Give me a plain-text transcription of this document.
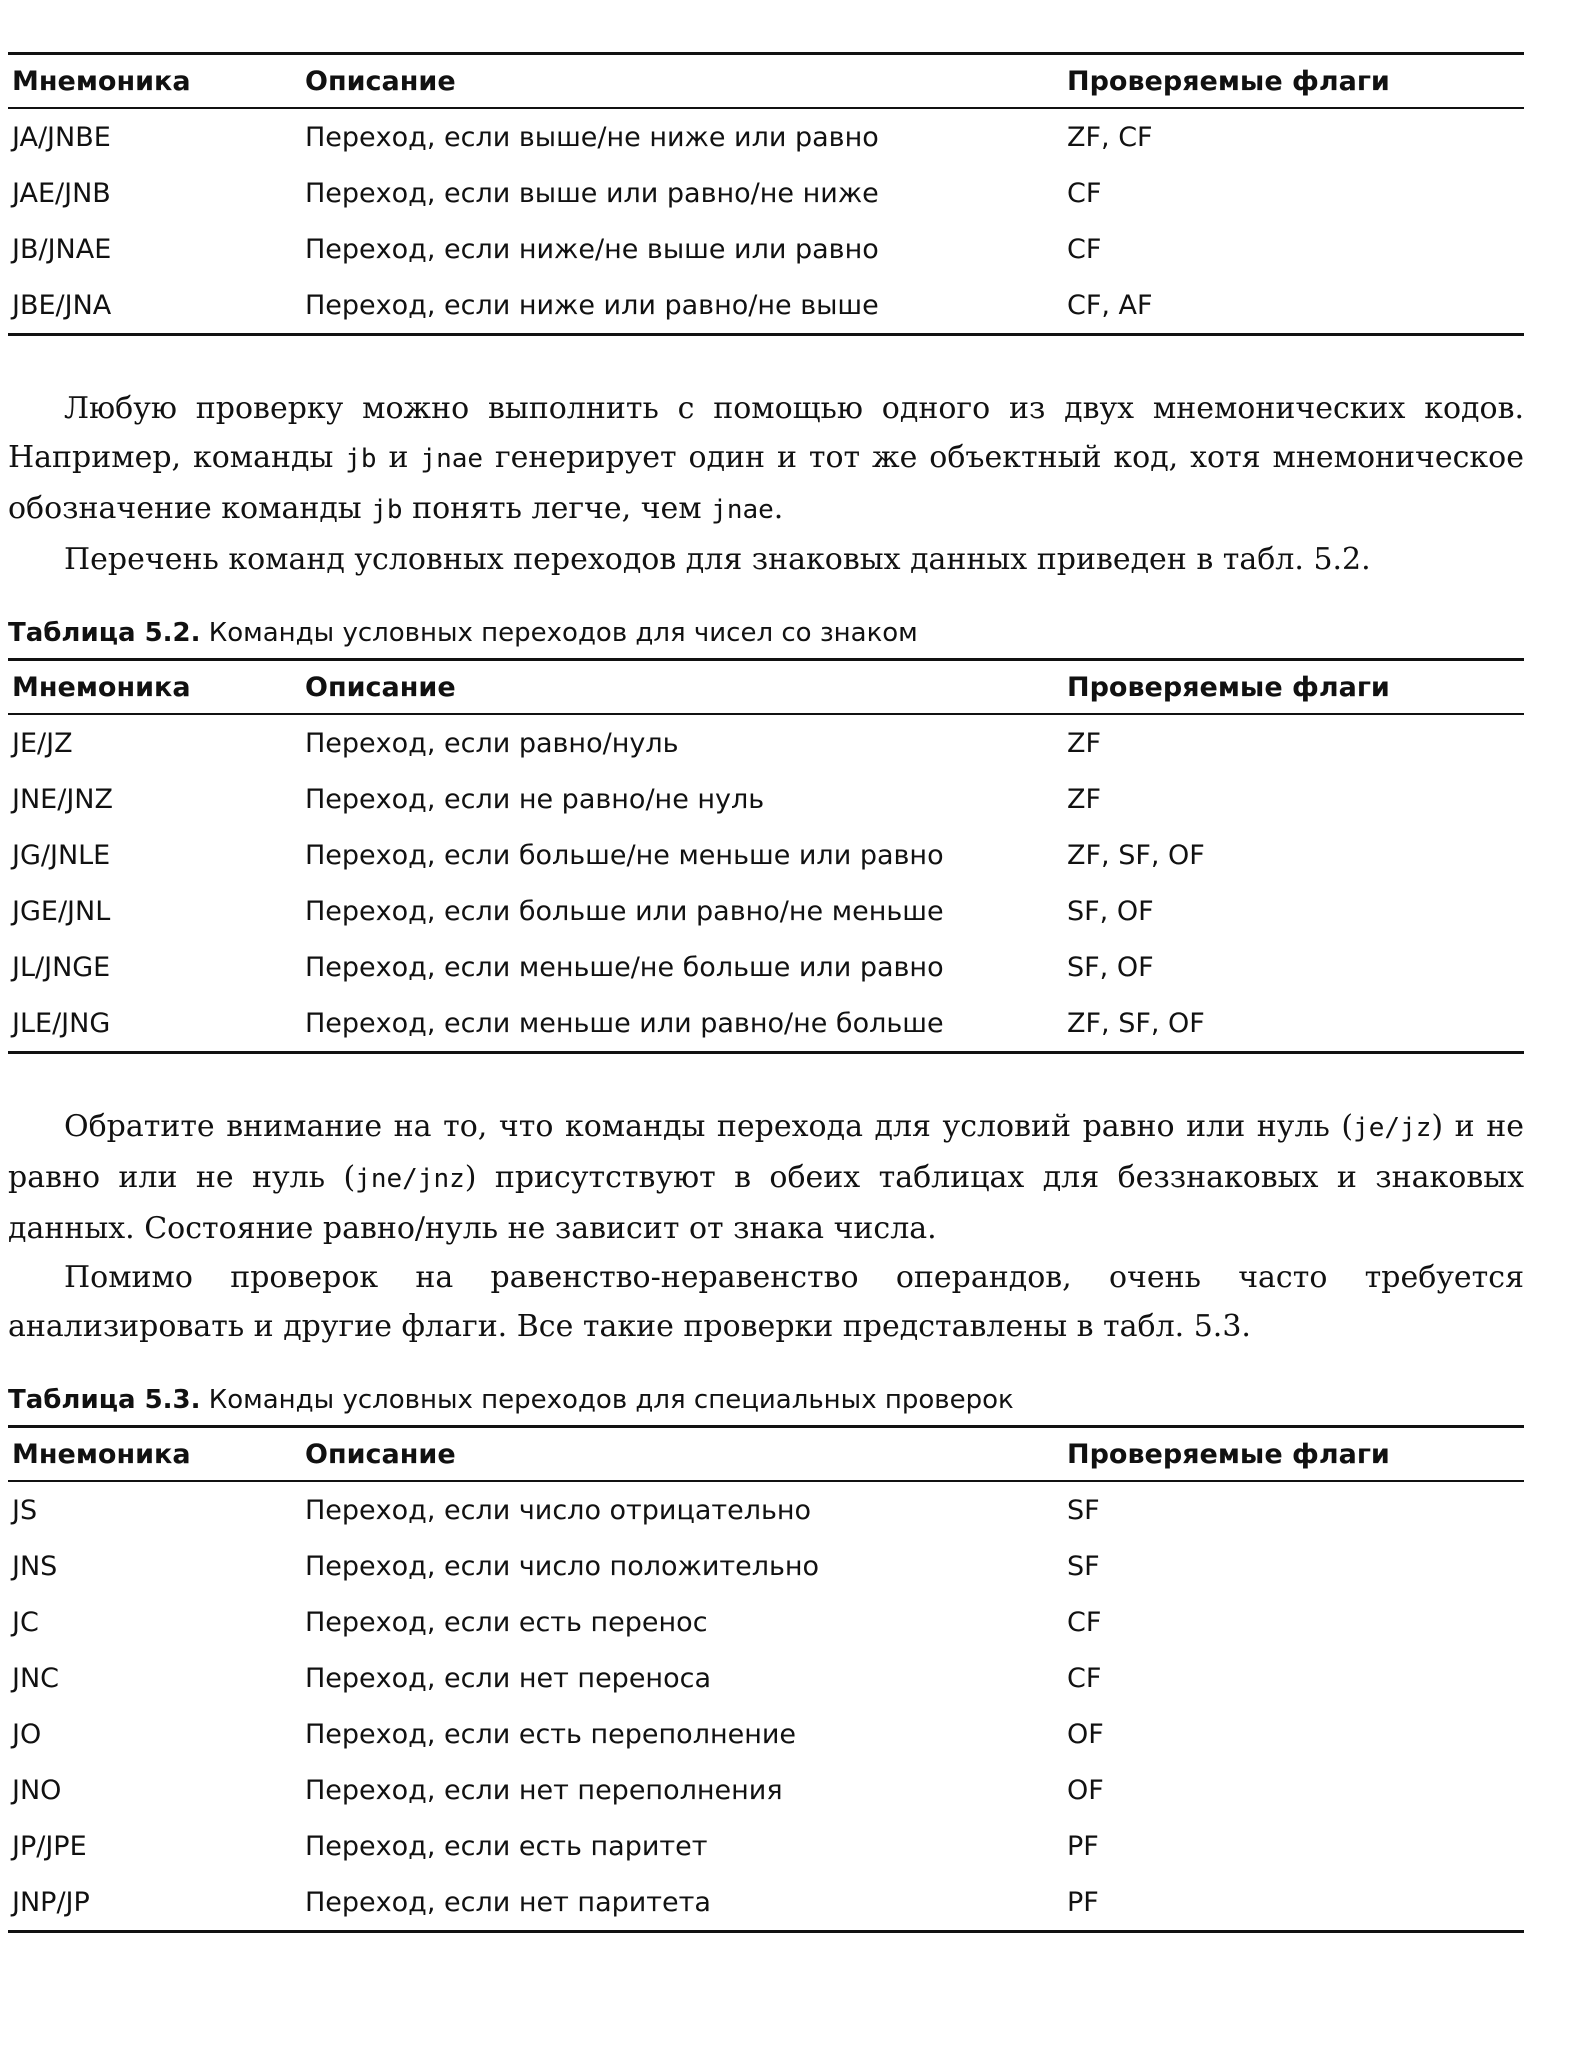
Мнемоника	Описание	Проверяемые флаги
JA/JNBE	Переход, если выше/не ниже или равно	ZF, CF
JAE/JNB	Переход, если выше или равно/не ниже	CF
JB/JNAE	Переход, если ниже/не выше или равно	CF
JBE/JNA	Переход, если ниже или равно/не выше	CF, AF

Любую проверку можно выполнить с помощью одного из двух мнемонических кодов. Например, команды jb и jnae генерирует один и тот же объектный код, хотя мнемоническое обозначение команды jb понять легче, чем jnae.

Перечень команд условных переходов для знаковых данных приведен в табл. 5.2.

Таблица 5.2. Команды условных переходов для чисел со знаком

Мнемоника	Описание	Проверяемые флаги
JE/JZ	Переход, если равно/нуль	ZF
JNE/JNZ	Переход, если не равно/не нуль	ZF
JG/JNLE	Переход, если больше/не меньше или равно	ZF, SF, OF
JGE/JNL	Переход, если больше или равно/не меньше	SF, OF
JL/JNGE	Переход, если меньше/не больше или равно	SF, OF
JLE/JNG	Переход, если меньше или равно/не больше	ZF, SF, OF

Обратите внимание на то, что команды перехода для условий равно или нуль (je/jz) и не равно или не нуль (jne/jnz) присутствуют в обеих таблицах для беззнаковых и знаковых данных. Состояние равно/нуль не зависит от знака числа.

Помимо проверок на равенство-неравенство операндов, очень часто требуется анализировать и другие флаги. Все такие проверки представлены в табл. 5.3.

Таблица 5.3. Команды условных переходов для специальных проверок

Мнемоника	Описание	Проверяемые флаги
JS	Переход, если число отрицательно	SF
JNS	Переход, если число положительно	SF
JC	Переход, если есть перенос	CF
JNC	Переход, если нет переноса	CF
JO	Переход, если есть переполнение	OF
JNO	Переход, если нет переполнения	OF
JP/JPE	Переход, если есть паритет	PF
JNP/JP	Переход, если нет паритета	PF
